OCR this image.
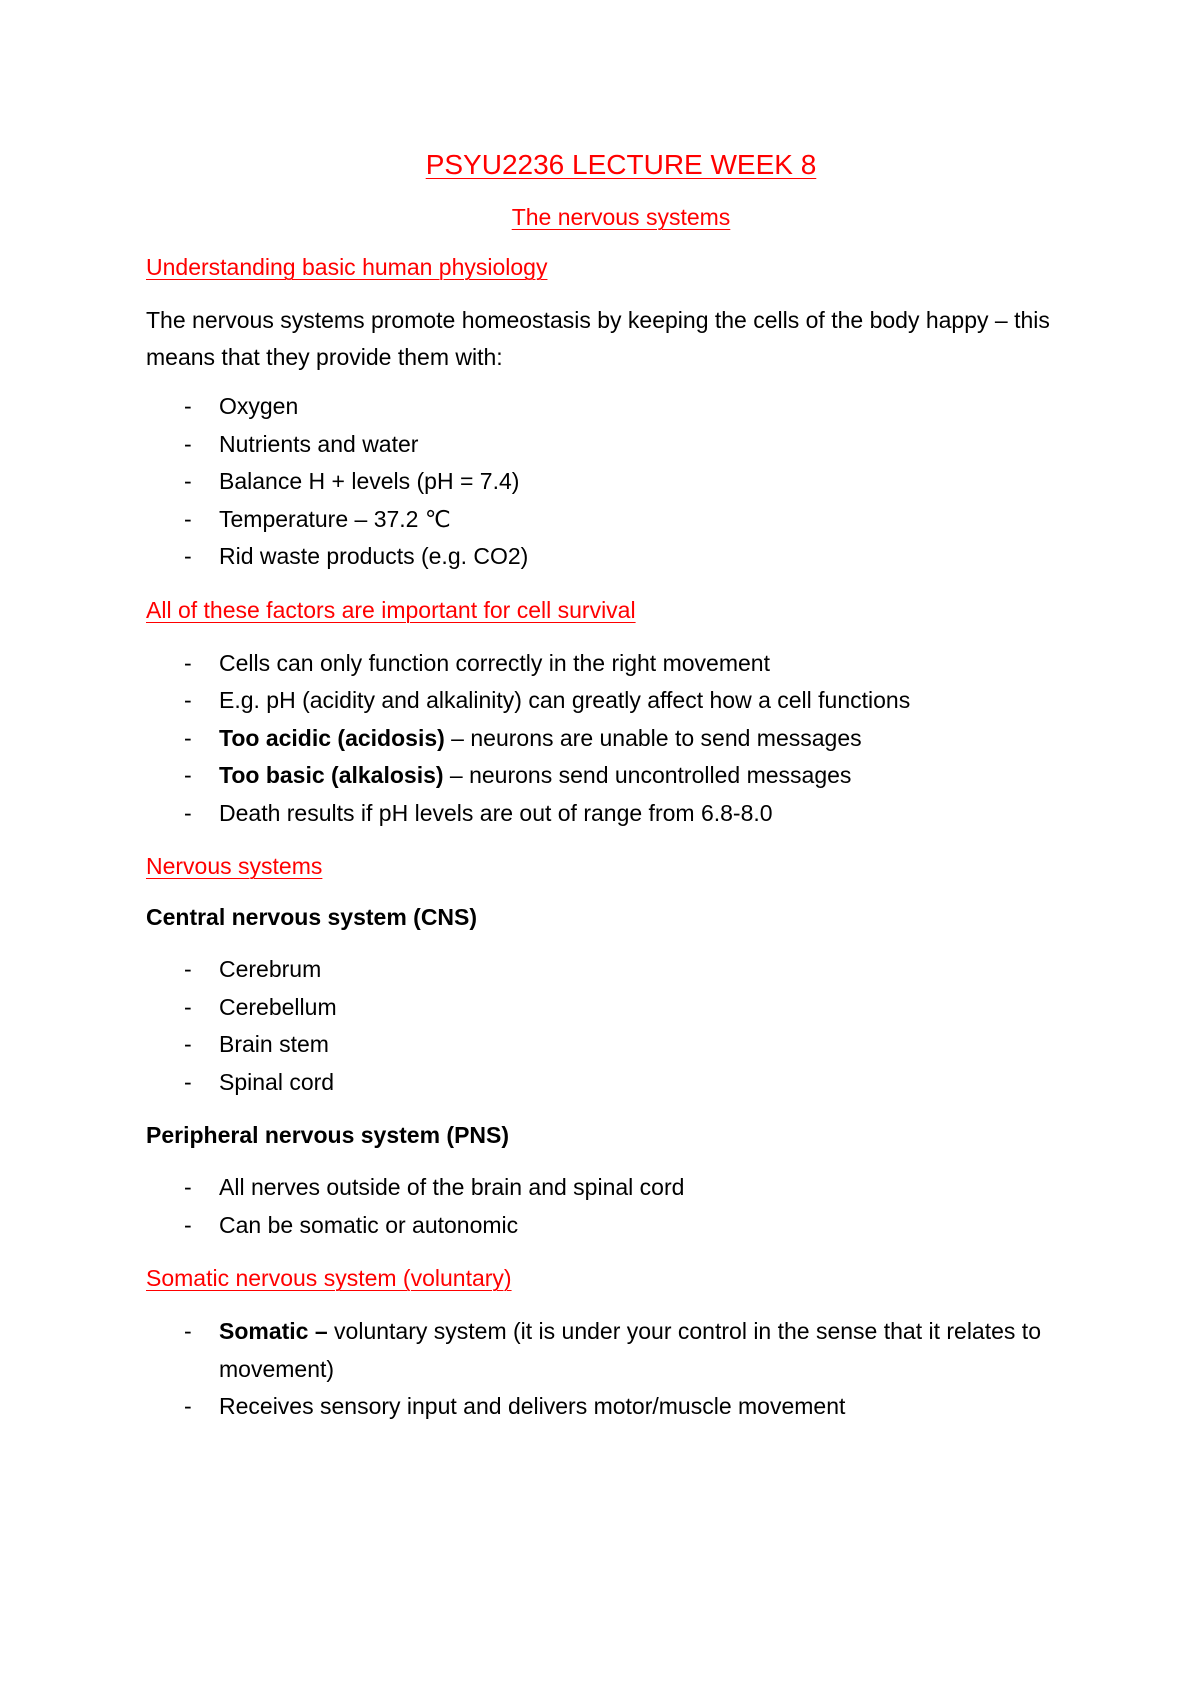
PSYU2236 LECTURE WEEK 8
The nervous systems
Understanding basic human physiology
The nervous systems promote homeostasis by keeping the cells of the body happy – this means that they provide them with:
- Oxygen
- Nutrients and water
- Balance H + levels (pH = 7.4)
- Temperature – 37.2 ℃
- Rid waste products (e.g. CO2)
All of these factors are important for cell survival
- Cells can only function correctly in the right movement
- E.g. pH (acidity and alkalinity) can greatly affect how a cell functions
- Too acidic (acidosis) – neurons are unable to send messages
- Too basic (alkalosis) – neurons send uncontrolled messages
- Death results if pH levels are out of range from 6.8-8.0
Nervous systems
Central nervous system (CNS)
- Cerebrum
- Cerebellum
- Brain stem
- Spinal cord
Peripheral nervous system (PNS)
- All nerves outside of the brain and spinal cord
- Can be somatic or autonomic
Somatic nervous system (voluntary)
- Somatic – voluntary system (it is under your control in the sense that it relates to movement)
- Receives sensory input and delivers motor/muscle movement
